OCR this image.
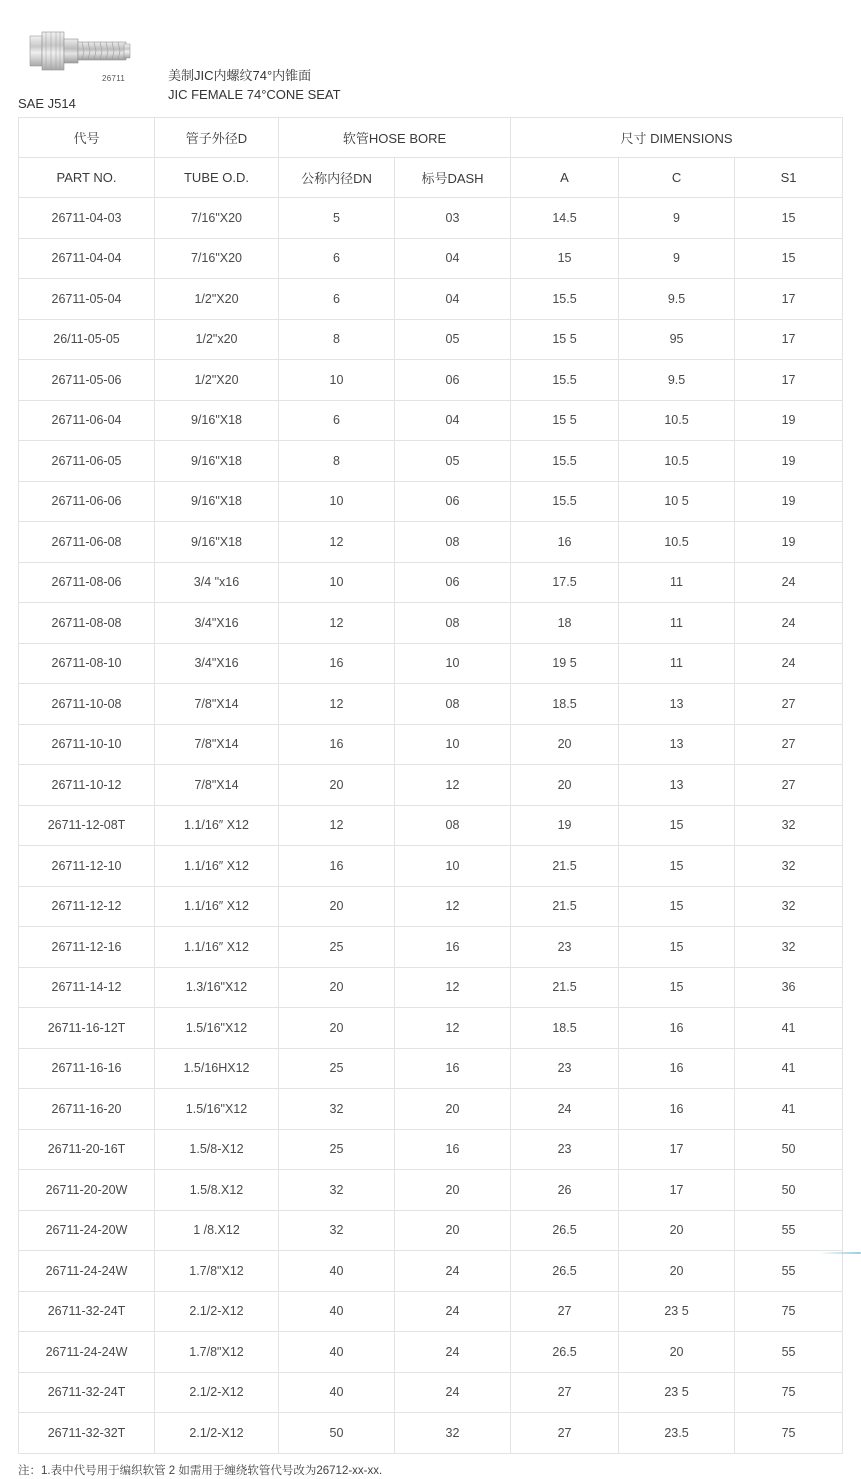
26711	美制JIC内螺纹74°内锥面
JIC FEMALE 74°CONE SEAT
SAE J514
代号	管子外径D	软管HOSE BORE		尺寸 DIMENSIONS		
PART NO.	TUBE O.D.	公称内径DN	标号DASH	A	C	S1
26711-04-03	7/16"X20	5	03	14.5	9	15
26711-04-04	7/16"X20	6	04	15	9	15
26711-05-04	1/2"X20	6	04	15.5	9.5	17
26/11-05-05	1/2"x20	8	05	15 5	95	17
26711-05-06	1/2"X20	10	06	15.5	9.5	17
26711-06-04	9/16"X18	6	04	15 5	10.5	19
26711-06-05	9/16"X18	8	05	15.5	10.5	19
26711-06-06	9/16"X18	10	06	15.5	10 5	19
26711-06-08	9/16"X18	12	08	16	10.5	19
26711-08-06	3/4 "x16	10	06	17.5	11	24
26711-08-08	3/4"X16	12	08	18	11	24
26711-08-10	3/4"X16	16	10	19 5	11	24
26711-10-08	7/8"X14	12	08	18.5	13	27
26711-10-10	7/8"X14	16	10	20	13	27
26711-10-12	7/8"X14	20	12	20	13	27
26711-12-08T	1.1/16″ X12	12	08	19	15	32
26711-12-10	1.1/16″ X12	16	10	21.5	15	32
26711-12-12	1.1/16″ X12	20	12	21.5	15	32
26711-12-16	1.1/16″ X12	25	16	23	15	32
26711-14-12	1.3/16"X12	20	12	21.5	15	36
26711-16-12T	1.5/16"X12	20	12	18.5	16	41
26711-16-16	1.5/16HX12	25	16	23	16	41
26711-16-20	1.5/16"X12	32	20	24	16	41
26711-20-16T	1.5/8-X12	25	16	23	17	50
26711-20-20W	1.5/8.X12	32	20	26	17	50
26711-24-20W	1 /8.X12	32	20	26.5	20	55
26711-24-24W	1.7/8"X12	40	24	26.5	20	55
26711-32-24T	2.1/2-X12	40	24	27	23 5	75
26711-24-24W	1.7/8"X12	40	24	26.5	20	55
26711-32-24T	2.1/2-X12	40	24	27	23 5	75
26711-32-32T	2.1/2-X12	50	32	27	23.5	75
注：1.表中代号用于编织软管 2 如需用于缠绕软管代号改为26712-xx-xx.
